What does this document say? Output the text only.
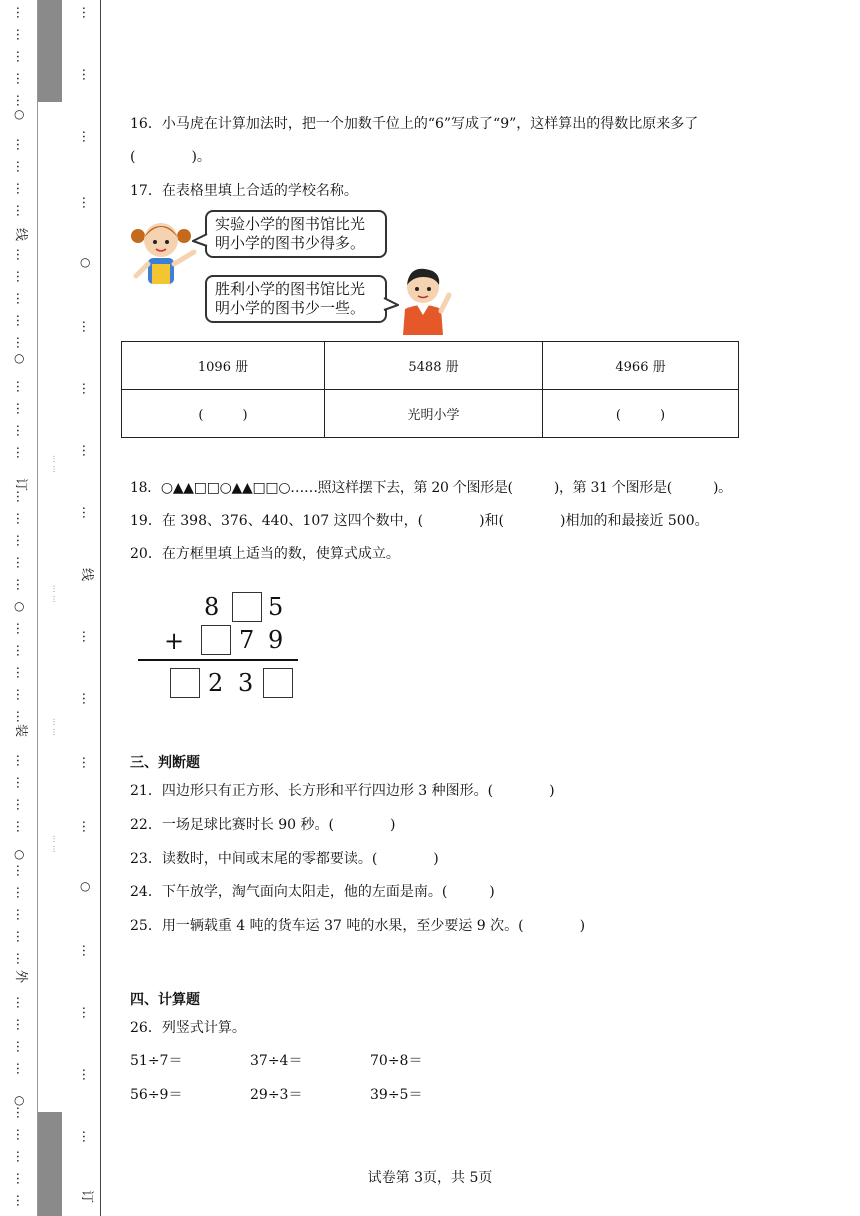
…
…
…
…
…
…
…
…
…
…
…
…
…
…
…
…
…
…
…
…
…
…
…
…
…
…
…
…
…
…
…
…
…
…
…
…
…
…
…
…
…
…
…
…
…
…
○
线
○
订
○
装
○
外
○
…
…
…
…
…
…
…
…
…
…
…
…
…
…
…
…
○
○
线
订
··· ···
··· ···
··· ···
··· ···
16．小马虎在计算加法时，把一个加数千位上的“6”写成了“9”，这样算出的得数比原来多了
(　　　　)。
17．在表格里填上合适的学校名称。
实验小学的图书馆比光
明小学的图书少得多。
胜利小学的图书馆比光
明小学的图书少一些。
1096 册	5488 册	4966 册
(　　　)	光明小学	(　　　)
18．○▲▲□□○▲▲□□○……照这样摆下去，第 20 个图形是(　　　)，第 31 个图形是(　　　)。
19．在 398、376、440、107 这四个数中，(　　　　)和(　　　　)相加的和最接近 500。
20．在方框里填上适当的数，使算式成立。
8 5
+ 7 9
2 3
三、判断题
21．四边形只有正方形、长方形和平行四边形 3 种图形。(　　　　)
22．一场足球比赛时长 90 秒。(　　　　)
23．读数时，中间或末尾的零都要读。(　　　　)
24．下午放学，淘气面向太阳走，他的左面是南。(　　　)
25．用一辆载重 4 吨的货车运 37 吨的水果，至少要运 9 次。(　　　　)
四、计算题
26．列竖式计算。
51÷7＝	37÷4＝	70÷8＝
56÷9＝	29÷3＝	39÷5＝
试卷第 3页，共 5页
